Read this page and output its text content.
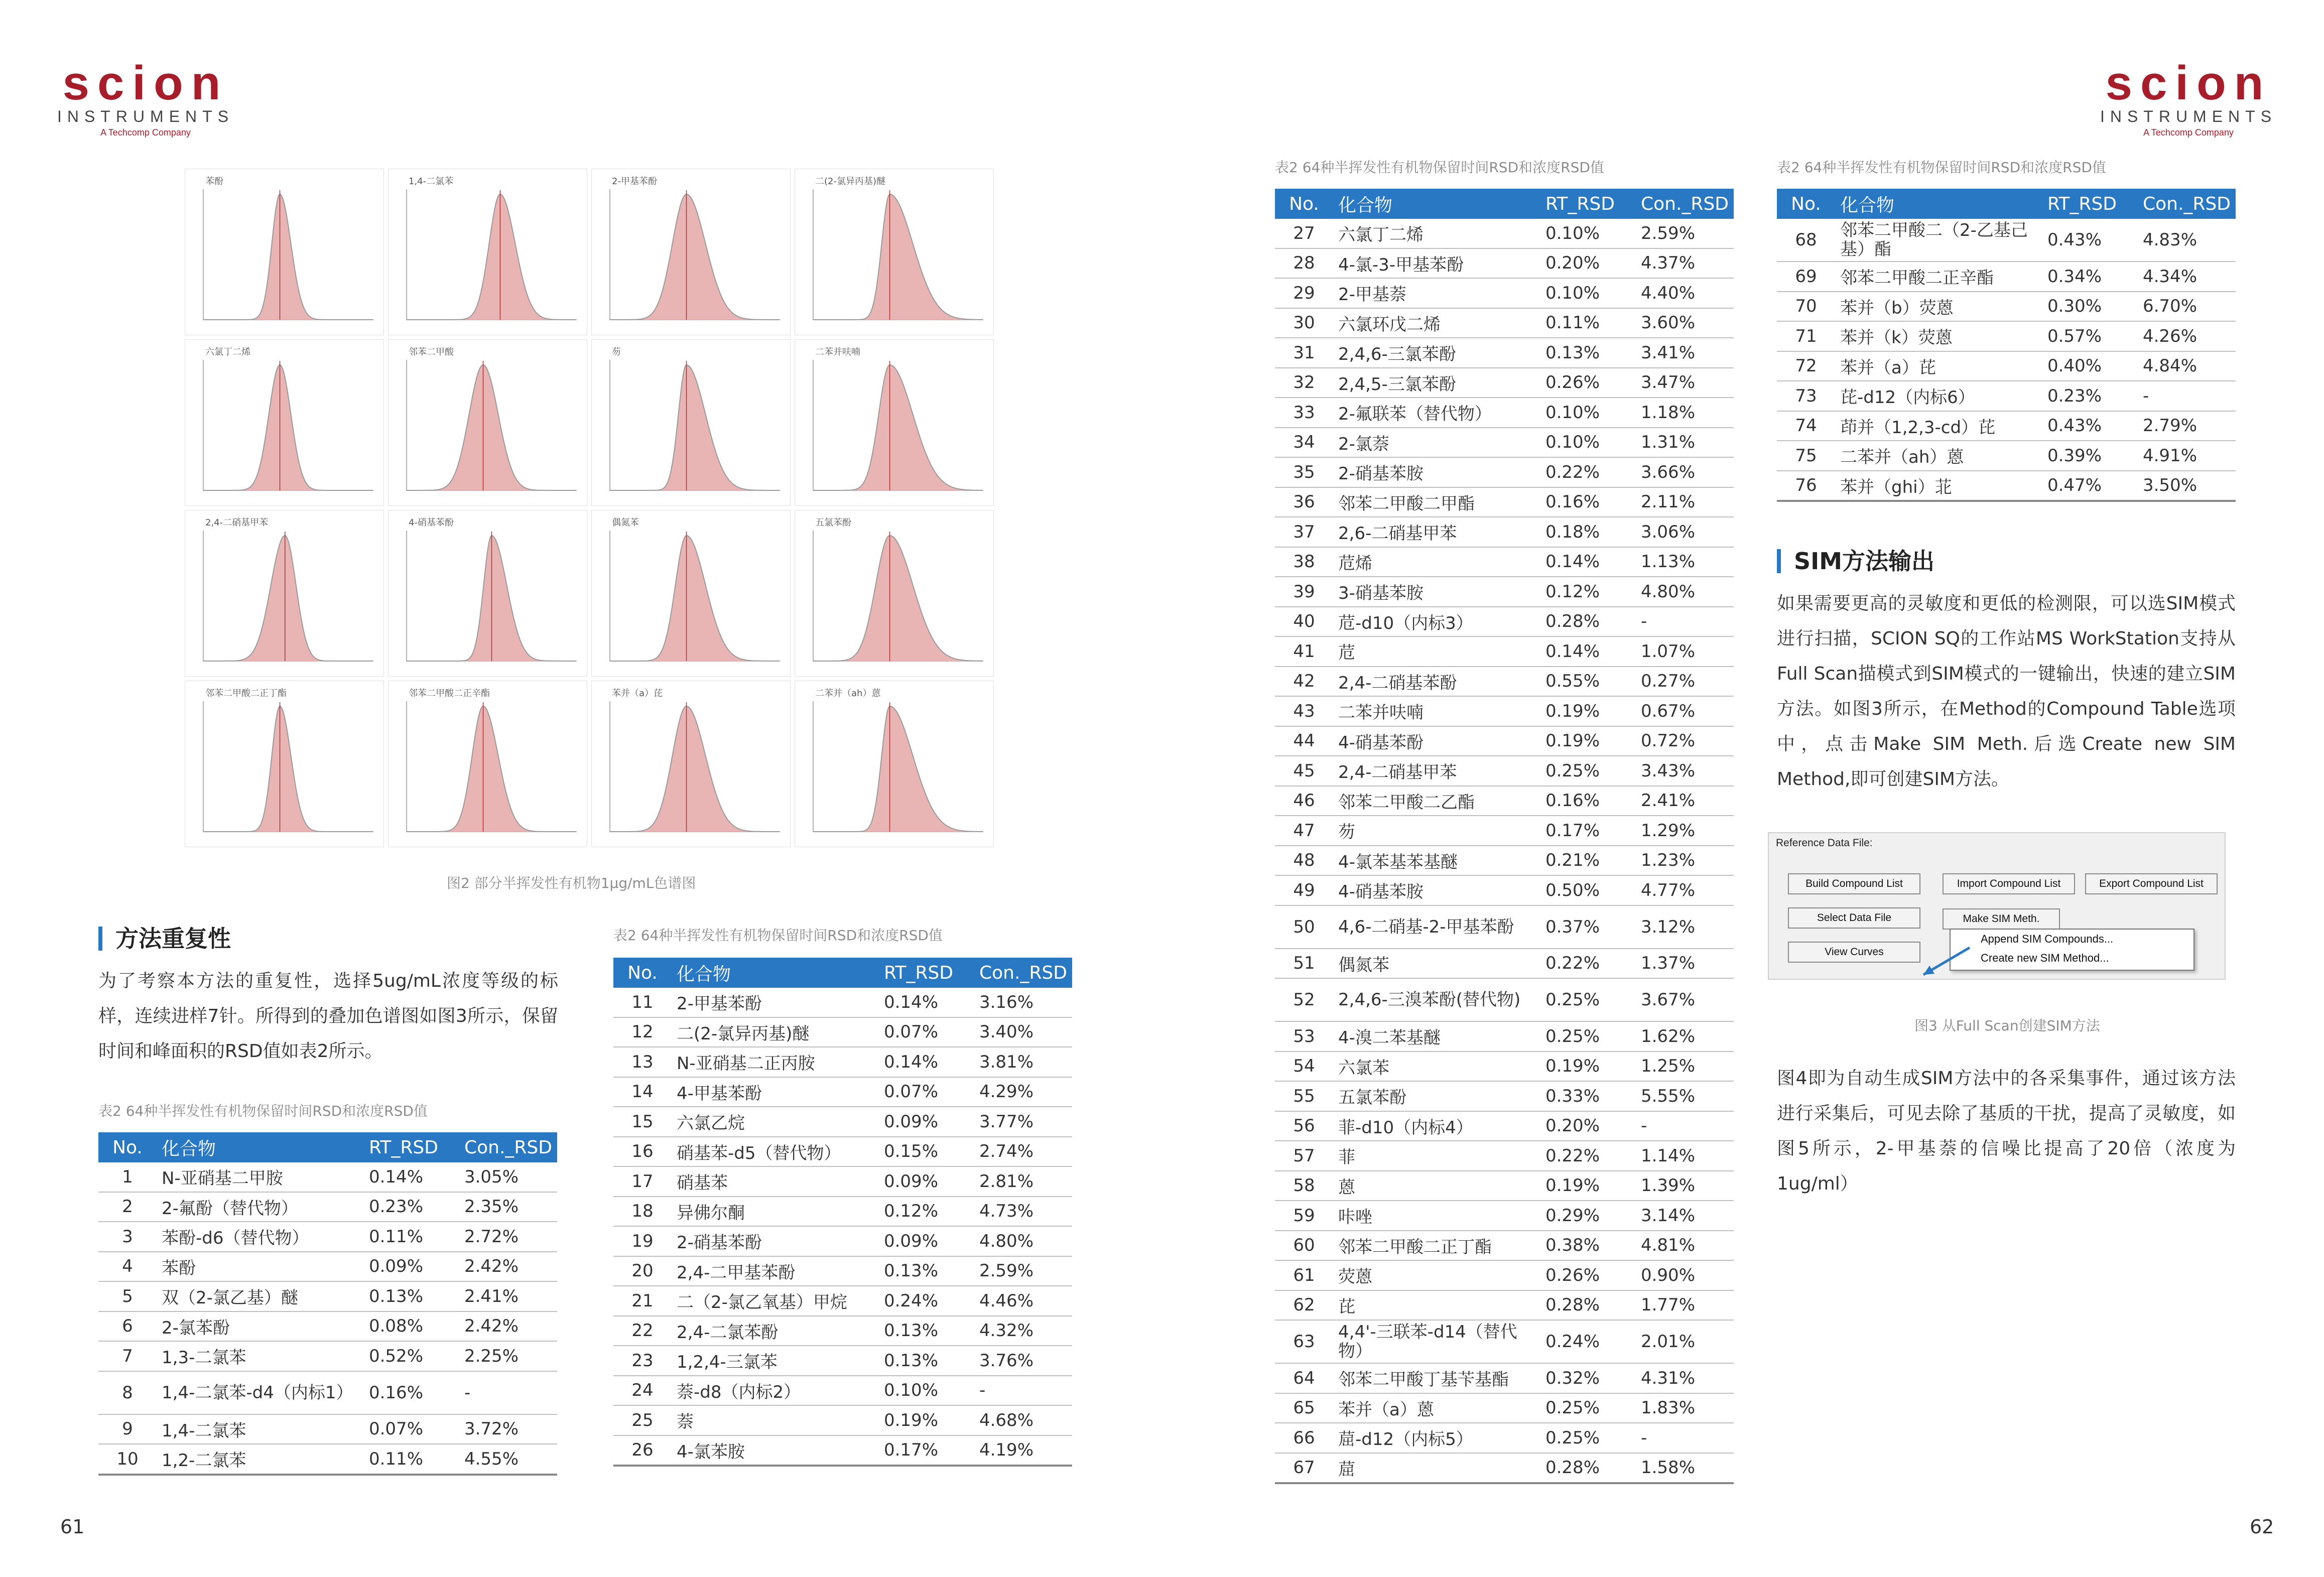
scion
INSTRUMENTS
A Techcomp Company
scion
INSTRUMENTS
A Techcomp Company
苯酚	1,4-二氯苯	2-甲基苯酚	二(2-氯异丙基)醚
六氯丁二烯	邻苯二甲酸	芴	二苯并呋喃
2,4-二硝基甲苯	4-硝基苯酚	偶氮苯	五氯苯酚
邻苯二甲酸二正丁酯	邻苯二甲酸二正辛酯	苯并（a）芘	二苯并（ah）蒽
图2 部分半挥发性有机物1μg/mL色谱图
方法重复性
为了考察本方法的重复性，选择5ug/mL浓度等级的标样，连续进样7针。所得到的叠加色谱图如图3所示，保留时间和峰面积的RSD值如表2所示。
表2 64种半挥发性有机物保留时间RSD和浓度RSD值
表2 64种半挥发性有机物保留时间RSD和浓度RSD值
表2 64种半挥发性有机物保留时间RSD和浓度RSD值	表2 64种半挥发性有机物保留时间RSD和浓度RSD值
No.	化合物	RT_RSD	Con._RSD
1	N-亚硝基二甲胺	0.14%	3.05%
2	2-氟酚（替代物）	0.23%	2.35%
3	苯酚-d6（替代物）	0.11%	2.72%
4	苯酚	0.09%	2.42%
5	双（2-氯乙基）醚	0.13%	2.41%
6	2-氯苯酚	0.08%	2.42%
7	1,3-二氯苯	0.52%	2.25%
8	1,4-二氯苯-d4（内标1）	0.16%	-
9	1,4-二氯苯	0.07%	3.72%
10	1,2-二氯苯	0.11%	4.55%
No.	化合物	RT_RSD	Con._RSD
11	2-甲基苯酚	0.14%	3.16%
12	二(2-氯异丙基)醚	0.07%	3.40%
13	N-亚硝基二正丙胺	0.14%	3.81%
14	4-甲基苯酚	0.07%	4.29%
15	六氯乙烷	0.09%	3.77%
16	硝基苯-d5（替代物）	0.15%	2.74%
17	硝基苯	0.09%	2.81%
18	异佛尔酮	0.12%	4.73%
19	2-硝基苯酚	0.09%	4.80%
20	2,4-二甲基苯酚	0.13%	2.59%
21	二（2-氯乙氧基）甲烷	0.24%	4.46%
22	2,4-二氯苯酚	0.13%	4.32%
23	1,2,4-三氯苯	0.13%	3.76%
24	萘-d8（内标2）	0.10%	-
25	萘	0.19%	4.68%
26	4-氯苯胺	0.17%	4.19%
No.	化合物	RT_RSD	Con._RSD
27	六氯丁二烯	0.10%	2.59%
28	4-氯-3-甲基苯酚	0.20%	4.37%
29	2-甲基萘	0.10%	4.40%
30	六氯环戊二烯	0.11%	3.60%
31	2,4,6-三氯苯酚	0.13%	3.41%
32	2,4,5-三氯苯酚	0.26%	3.47%
33	2-氟联苯（替代物）	0.10%	1.18%
34	2-氯萘	0.10%	1.31%
35	2-硝基苯胺	0.22%	3.66%
36	邻苯二甲酸二甲酯	0.16%	2.11%
37	2,6-二硝基甲苯	0.18%	3.06%
38	苊烯	0.14%	1.13%
39	3-硝基苯胺	0.12%	4.80%
40	苊-d10（内标3）	0.28%	-
41	苊	0.14%	1.07%
42	2,4-二硝基苯酚	0.55%	0.27%
43	二苯并呋喃	0.19%	0.67%
44	4-硝基苯酚	0.19%	0.72%
45	2,4-二硝基甲苯	0.25%	3.43%
46	邻苯二甲酸二乙酯	0.16%	2.41%
47	芴	0.17%	1.29%
48	4-氯苯基苯基醚	0.21%	1.23%
49	4-硝基苯胺	0.50%	4.77%
50	4,6-二硝基-2-甲基苯酚	0.37%	3.12%
51	偶氮苯	0.22%	1.37%
52	2,4,6-三溴苯酚(替代物)	0.25%	3.67%
53	4-溴二苯基醚	0.25%	1.62%
54	六氯苯	0.19%	1.25%
55	五氯苯酚	0.33%	5.55%
56	菲-d10（内标4）	0.20%	-
57	菲	0.22%	1.14%
58	蒽	0.19%	1.39%
59	咔唑	0.29%	3.14%
60	邻苯二甲酸二正丁酯	0.38%	4.81%
61	荧蒽	0.26%	0.90%
62	芘	0.28%	1.77%
63	4,4'-三联苯-d14（替代物）	0.24%	2.01%
64	邻苯二甲酸丁基苄基酯	0.32%	4.31%
65	苯并（a）蒽	0.25%	1.83%
66	䓛-d12（内标5）	0.25%	-
67	䓛	0.28%	1.58%
No.	化合物	RT_RSD	Con._RSD
68	邻苯二甲酸二（2-乙基己基）酯	0.43%	4.83%
69	邻苯二甲酸二正辛酯	0.34%	4.34%
70	苯并（b）荧蒽	0.30%	6.70%
71	苯并（k）荧蒽	0.57%	4.26%
72	苯并（a）芘	0.40%	4.84%
73	芘-d12（内标6）	0.23%	-
74	茚并（1,2,3-cd）芘	0.43%	2.79%
75	二苯并（ah）蒽	0.39%	4.91%
76	苯并（ghi）苝	0.47%	3.50%
SIM方法输出
如果需要更高的灵敏度和更低的检测限，可以选SIM模式进行扫描，SCION SQ的工作站MS WorkStation支持从Full Scan描模式到SIM模式的一键输出，快速的建立SIM方法。如图3所示，在Method的Compound Table选项中，点击Make SIM Meth.后选Create new SIM Method,即可创建SIM方法。
Reference Data File:
Build Compound List	Import Compound List	Export Compound List
Select Data File	Make SIM Meth.
View Curves
Append SIM Compounds...
Create new SIM Method...
图3 从Full Scan创建SIM方法
图4即为自动生成SIM方法中的各采集事件，通过该方法进行采集后，可见去除了基质的干扰，提高了灵敏度，如图5所示，2-甲基萘的信噪比提高了20倍（浓度为1ug/ml）
61	62
